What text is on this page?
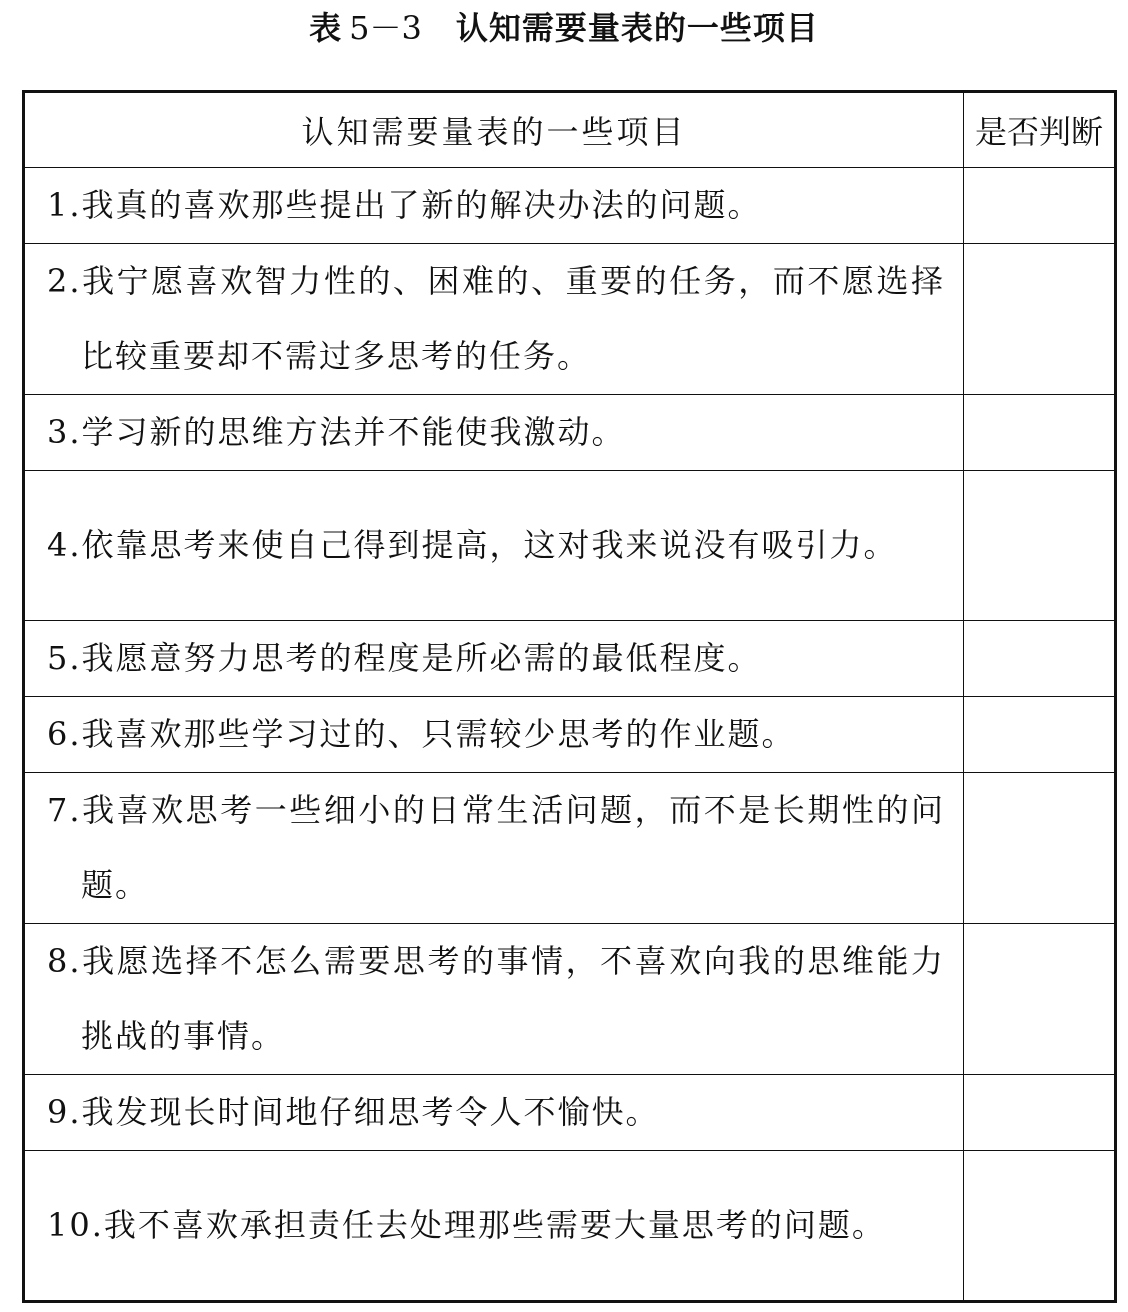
表 5－3 认知需要量表的一些项目
认知需要量表的一些项目	是否判断

1.我真的喜欢那些提出了新的解决办法的问题。	

2.我宁愿喜欢智力性的、困难的、重要的任务，而不愿选择比较重要却不需过多思考的任务。	

3.学习新的思维方法并不能使我激动。	

4.依靠思考来使自己得到提高，这对我来说没有吸引力。	

5.我愿意努力思考的程度是所必需的最低程度。	

6.我喜欢那些学习过的、只需较少思考的作业题。	

7.我喜欢思考一些细小的日常生活问题，而不是长期性的问题。	

8.我愿选择不怎么需要思考的事情，不喜欢向我的思维能力挑战的事情。	

9.我发现长时间地仔细思考令人不愉快。	

10.我不喜欢承担责任去处理那些需要大量思考的问题。	
